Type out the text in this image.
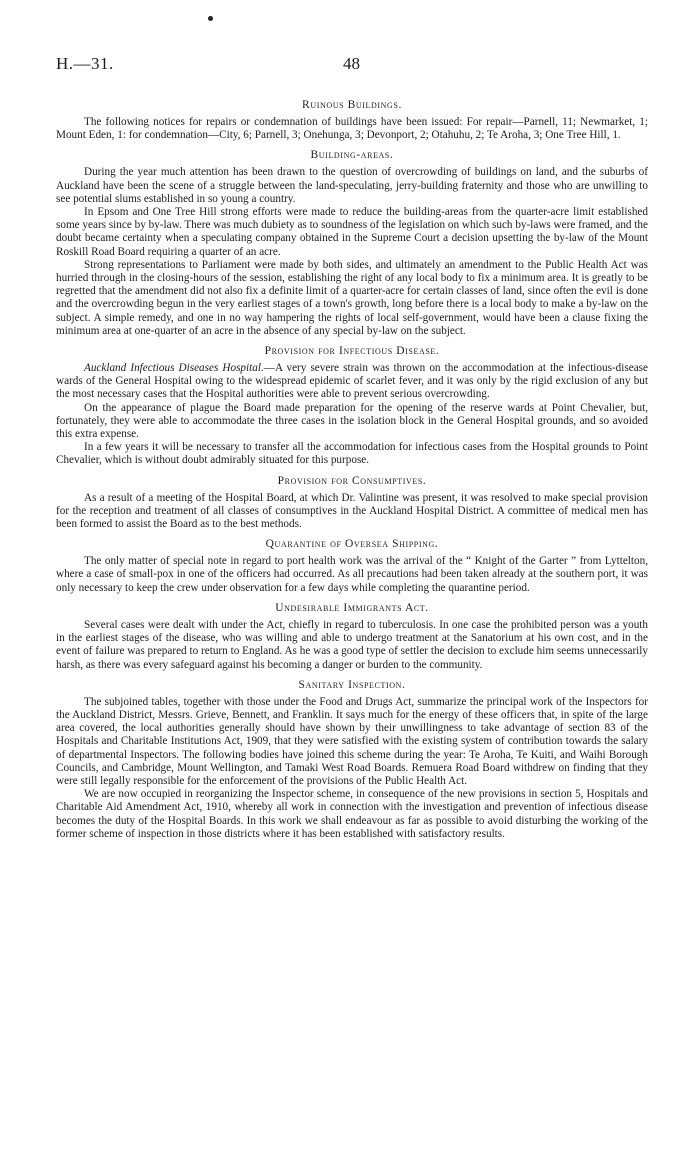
H.—31.	48
Ruinous Buildings.

The following notices for repairs or condemnation of buildings have been issued: For repair—Parnell, 11; Newmarket, 1; Mount Eden, 1: for condemnation—City, 6; Parnell, 3; Onehunga, 3; Devonport, 2; Otahuhu, 2; Te Aroha, 3; One Tree Hill, 1.

Building-areas.

During the year much attention has been drawn to the question of overcrowding of buildings on land, and the suburbs of Auckland have been the scene of a struggle between the land-speculating, jerry-building fraternity and those who are unwilling to see potential slums established in so young a country.

In Epsom and One Tree Hill strong efforts were made to reduce the building-areas from the quarter-acre limit established some years since by by-law. There was much dubiety as to soundness of the legislation on which such by-laws were framed, and the doubt became certainty when a speculating company obtained in the Supreme Court a decision upsetting the by-law of the Mount Roskill Road Board requiring a quarter of an acre.

Strong representations to Parliament were made by both sides, and ultimately an amendment to the Public Health Act was hurried through in the closing-hours of the session, establishing the right of any local body to fix a minimum area. It is greatly to be regretted that the amendment did not also fix a definite limit of a quarter-acre for certain classes of land, since often the evil is done and the overcrowding begun in the very earliest stages of a town's growth, long before there is a local body to make a by-law on the subject. A simple remedy, and one in no way hampering the rights of local self-government, would have been a clause fixing the minimum area at one-quarter of an acre in the absence of any special by-law on the subject.

Provision for Infectious Disease.

Auckland Infectious Diseases Hospital.—A very severe strain was thrown on the accommodation at the infectious-disease wards of the General Hospital owing to the widespread epidemic of scarlet fever, and it was only by the rigid exclusion of any but the most necessary cases that the Hospital authorities were able to prevent serious overcrowding.

On the appearance of plague the Board made preparation for the opening of the reserve wards at Point Chevalier, but, fortunately, they were able to accommodate the three cases in the isolation block in the General Hospital grounds, and so avoided this extra expense.

In a few years it will be necessary to transfer all the accommodation for infectious cases from the Hospital grounds to Point Chevalier, which is without doubt admirably situated for this purpose.

Provision for Consumptives.

As a result of a meeting of the Hospital Board, at which Dr. Valintine was present, it was resolved to make special provision for the reception and treatment of all classes of consumptives in the Auckland Hospital District. A committee of medical men has been formed to assist the Board as to the best methods.

Quarantine of Oversea Shipping.

The only matter of special note in regard to port health work was the arrival of the “ Knight of the Garter ” from Lyttelton, where a case of small-pox in one of the officers had occurred. As all precautions had been taken already at the southern port, it was only necessary to keep the crew under observation for a few days while completing the quarantine period.

Undesirable Immigrants Act.

Several cases were dealt with under the Act, chiefly in regard to tuberculosis. In one case the prohibited person was a youth in the earliest stages of the disease, who was willing and able to undergo treatment at the Sanatorium at his own cost, and in the event of failure was prepared to return to England. As he was a good type of settler the decision to exclude him seems unnecessarily harsh, as there was every safeguard against his becoming a danger or burden to the community.

Sanitary Inspection.

The subjoined tables, together with those under the Food and Drugs Act, summarize the principal work of the Inspectors for the Auckland District, Messrs. Grieve, Bennett, and Franklin. It says much for the energy of these officers that, in spite of the large area covered, the local authorities generally should have shown by their unwillingness to take advantage of section 83 of the Hospitals and Charitable Institutions Act, 1909, that they were satisfied with the existing system of contribution towards the salary of departmental Inspectors. The following bodies have joined this scheme during the year: Te Aroha, Te Kuiti, and Waihi Borough Councils, and Cambridge, Mount Wellington, and Tamaki West Road Boards. Remuera Road Board withdrew on finding that they were still legally responsible for the enforcement of the provisions of the Public Health Act.

We are now occupied in reorganizing the Inspector scheme, in consequence of the new provisions in section 5, Hospitals and Charitable Aid Amendment Act, 1910, whereby all work in connection with the investigation and prevention of infectious disease becomes the duty of the Hospital Boards. In this work we shall endeavour as far as possible to avoid disturbing the working of the former scheme of inspection in those districts where it has been established with satisfactory results.
